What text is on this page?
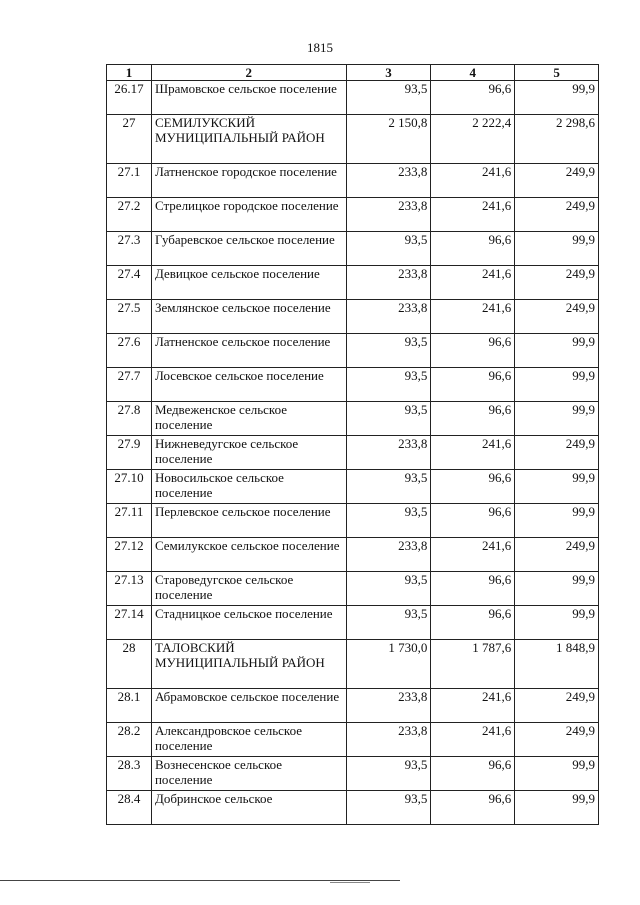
1815
1	2	3	4	5
26.17	Шрамовское сельское поселение	93,5	96,6	99,9
27	СЕМИЛУКСКИЙ МУНИЦИПАЛЬНЫЙ РАЙОН	2 150,8	2 222,4	2 298,6
27.1	Латненское городское поселение	233,8	241,6	249,9
27.2	Стрелицкое городское поселение	233,8	241,6	249,9
27.3	Губаревское сельское поселение	93,5	96,6	99,9
27.4	Девицкое сельское поселение	233,8	241,6	249,9
27.5	Землянское сельское поселение	233,8	241,6	249,9
27.6	Латненское сельское поселение	93,5	96,6	99,9
27.7	Лосевское сельское поселение	93,5	96,6	99,9
27.8	Медвеженское сельское поселение	93,5	96,6	99,9
27.9	Нижневедугское сельское поселение	233,8	241,6	249,9
27.10	Новосильское сельское поселение	93,5	96,6	99,9
27.11	Перлевское сельское поселение	93,5	96,6	99,9
27.12	Семилукское сельское поселение	233,8	241,6	249,9
27.13	Староведугское сельское поселение	93,5	96,6	99,9
27.14	Стадницкое сельское поселение	93,5	96,6	99,9
28	ТАЛОВСКИЙ МУНИЦИПАЛЬНЫЙ РАЙОН	1 730,0	1 787,6	1 848,9
28.1	Абрамовское сельское поселение	233,8	241,6	249,9
28.2	Александровское сельское поселение	233,8	241,6	249,9
28.3	Вознесенское сельское поселение	93,5	96,6	99,9
28.4	Добринское сельское	93,5	96,6	99,9
